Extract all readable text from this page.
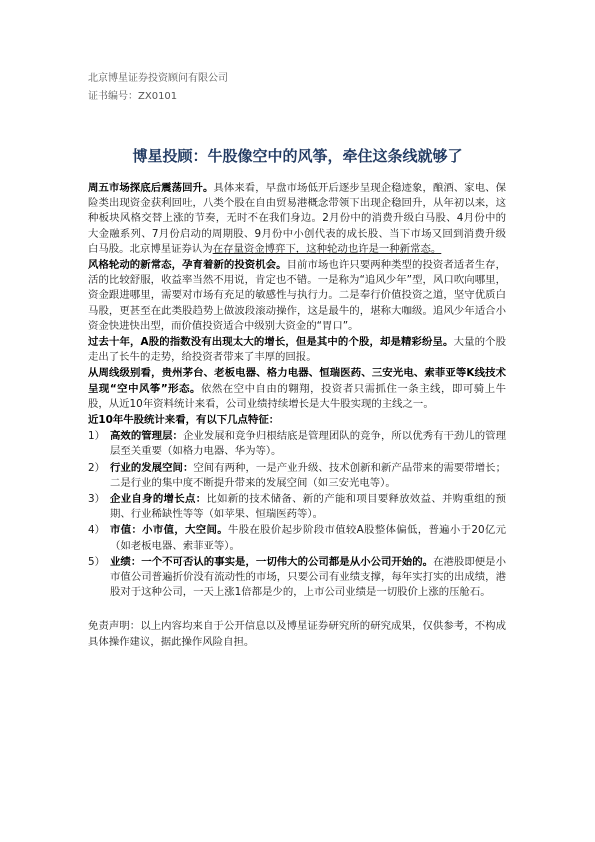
北京博星证券投资顾问有限公司
证书编号：ZX0101
博星投顾：牛股像空中的风筝，牵住这条线就够了

周五市场探底后震荡回升。具体来看，早盘市场低开后逐步呈现企稳迹象，酿酒、家电、保险类出现资金获利回吐，八类个股在自由贸易港概念带领下出现企稳回升，从年初以来，这种板块风格交替上涨的节奏，无时不在我们身边。2月份中的消费升级白马股、4月份中的大金融系列、7月份启动的周期股、9月份中小创代表的成长股、当下市场又回到消费升级白马股。北京博星证券认为在存量资金博弈下，这种轮动也许是一种新常态。

风格轮动的新常态，孕育着新的投资机会。目前市场也许只要两种类型的投资者适者生存，活的比较舒服，收益率当然不用说，肯定也不错。一是称为“追风少年”型，风口吹向哪里，资金跟进哪里，需要对市场有充足的敏感性与执行力。二是奉行价值投资之道，坚守优质白马股，更甚至在此类股趋势上做波段滚动操作，这是最牛的，堪称大咖级。追风少年适合小资金快进快出型，而价值投资适合中级别大资金的“胃口”。

过去十年，A股的指数没有出现太大的增长，但是其中的个股，却是精彩纷呈。大量的个股走出了长牛的走势，给投资者带来了丰厚的回报。

从周线级别看，贵州茅台、老板电器、格力电器、恒瑞医药、三安光电、索菲亚等K线技术呈现“空中风筝”形态。依然在空中自由的翱翔，投资者只需抓住一条主线，即可骑上牛股，从近10年资料统计来看，公司业绩持续增长是大牛股实现的主线之一。

近10年牛股统计来看，有以下几点特征：

1） 高效的管理层：企业发展和竞争归根结底是管理团队的竞争，所以优秀有干劲儿的管理层至关重要（如格力电器、华为等）。
2） 行业的发展空间：空间有两种，一是产业升级、技术创新和新产品带来的需要带增长；二是行业的集中度不断提升带来的发展空间（如三安光电等）。
3） 企业自身的增长点：比如新的技术储备、新的产能和项目要释放效益、并购重组的预期、行业稀缺性等等（如苹果、恒瑞医药等）。
4） 市值：小市值，大空间。牛股在股价起步阶段市值较A股整体偏低，普遍小于20亿元（如老板电器、索菲亚等）。
5） 业绩：一个不可否认的事实是，一切伟大的公司都是从小公司开始的。在港股即便是小市值公司普遍折价没有流动性的市场，只要公司有业绩支撑，每年实打实的出成绩，港股对于这种公司，一天上涨1倍都是少的，上市公司业绩是一切股价上涨的压舱石。

免责声明：以上内容均来自于公开信息以及博星证券研究所的研究成果，仅供参考，不构成具体操作建议，据此操作风险自担。
